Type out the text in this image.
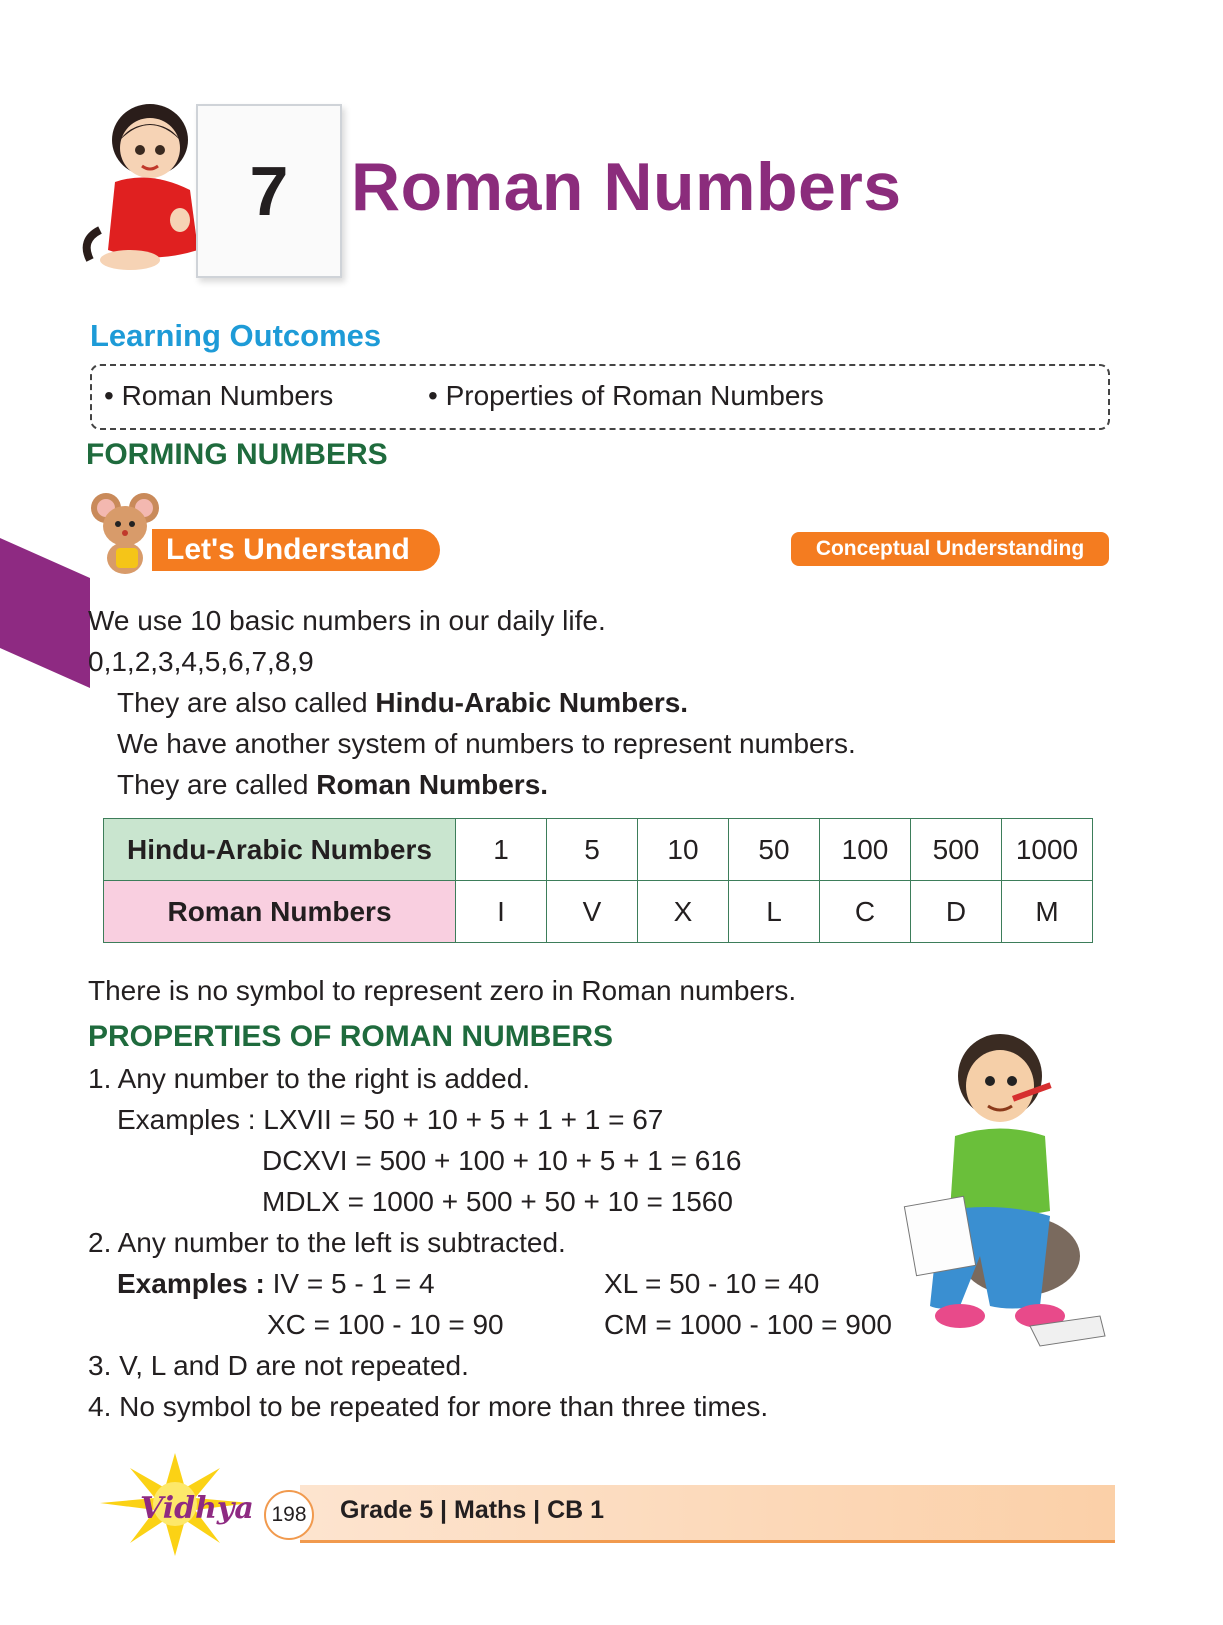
7 Roman Numbers
Learning Outcomes
• Roman Numbers	• Properties of Roman Numbers
FORMING NUMBERS
Let's Understand	Conceptual Understanding
We use 10 basic numbers in our daily life.
0,1,2,3,4,5,6,7,8,9
They are also called Hindu-Arabic Numbers.
We have another system of numbers to represent numbers.
They are called Roman Numbers.
Hindu-Arabic Numbers	1	5	10	50	100	500	1000
Roman Numbers	I	V	X	L	C	D	M
There is no symbol to represent zero in Roman numbers.
PROPERTIES OF ROMAN NUMBERS
1. Any number to the right is added.
Examples : LXVII = 50 + 10 + 5 + 1 + 1 = 67
DCXVI = 500 + 100 + 10 + 5 + 1 = 616
MDLX = 1000 + 500 + 50 + 10 = 1560
2. Any number to the left is subtracted.
Examples : IV = 5 - 1 = 4	XL = 50 - 10 = 40
XC = 100 - 10 = 90	CM = 1000 - 100 = 900
3. V, L and D are not repeated.
4. No symbol to be repeated for more than three times.
Vidhya 198 Grade 5 | Maths | CB 1
